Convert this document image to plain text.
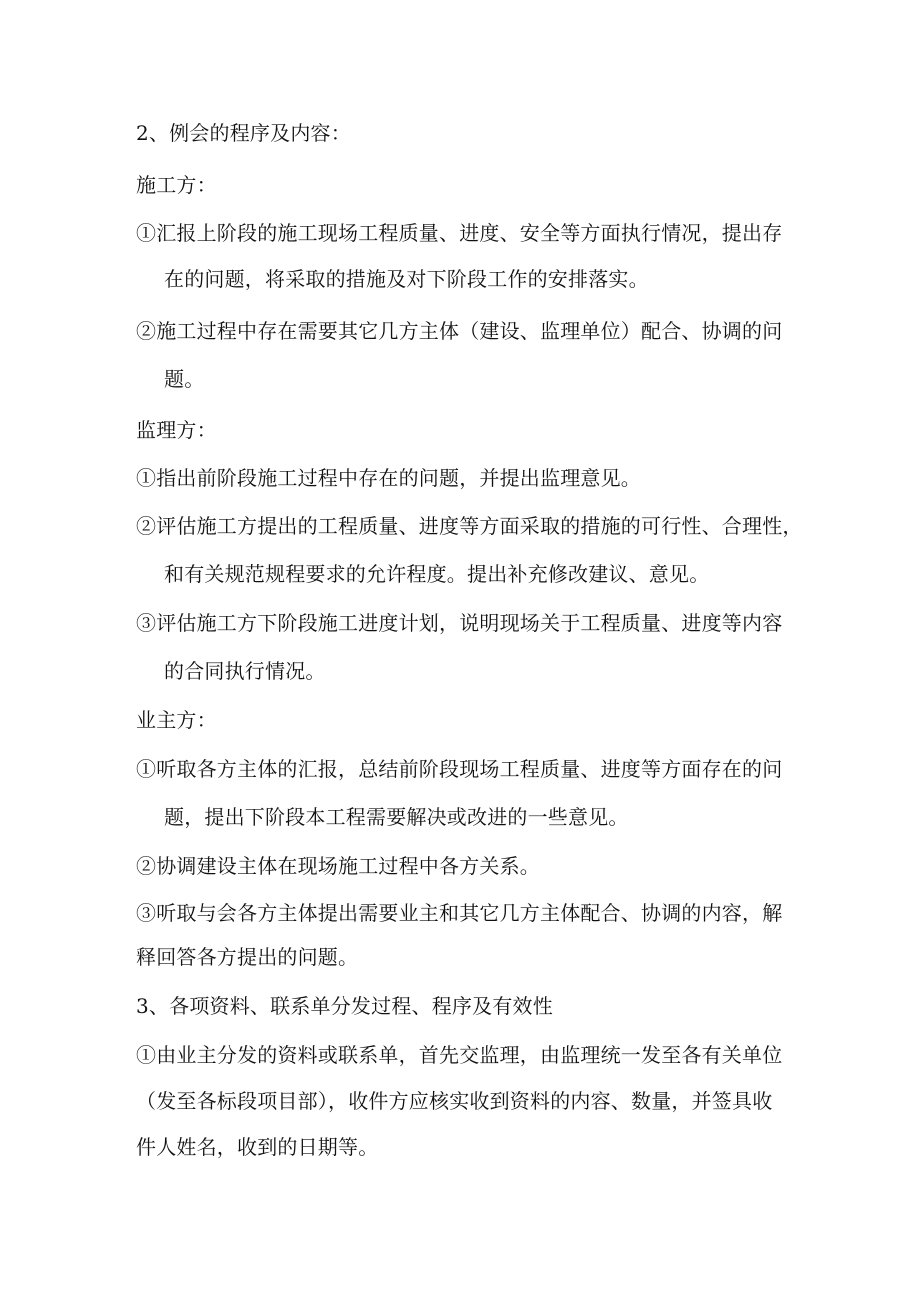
2、例会的程序及内容：
施工方：
①汇报上阶段的施工现场工程质量、进度、安全等方面执行情况，提出存
在的问题，将采取的措施及对下阶段工作的安排落实。
②施工过程中存在需要其它几方主体（建设、监理单位）配合、协调的问
题。
监理方：
①指出前阶段施工过程中存在的问题，并提出监理意见。
②评估施工方提出的工程质量、进度等方面采取的措施的可行性、合理性，
和有关规范规程要求的允许程度。提出补充修改建议、意见。
③评估施工方下阶段施工进度计划，说明现场关于工程质量、进度等内容
的合同执行情况。
业主方：
①听取各方主体的汇报，总结前阶段现场工程质量、进度等方面存在的问
题，提出下阶段本工程需要解决或改进的一些意见。
②协调建设主体在现场施工过程中各方关系。
③听取与会各方主体提出需要业主和其它几方主体配合、协调的内容，解
释回答各方提出的问题。
3、各项资料、联系单分发过程、程序及有效性
①由业主分发的资料或联系单，首先交监理，由监理统一发至各有关单位
（发至各标段项目部），收件方应核实收到资料的内容、数量，并签具收
件人姓名，收到的日期等。
